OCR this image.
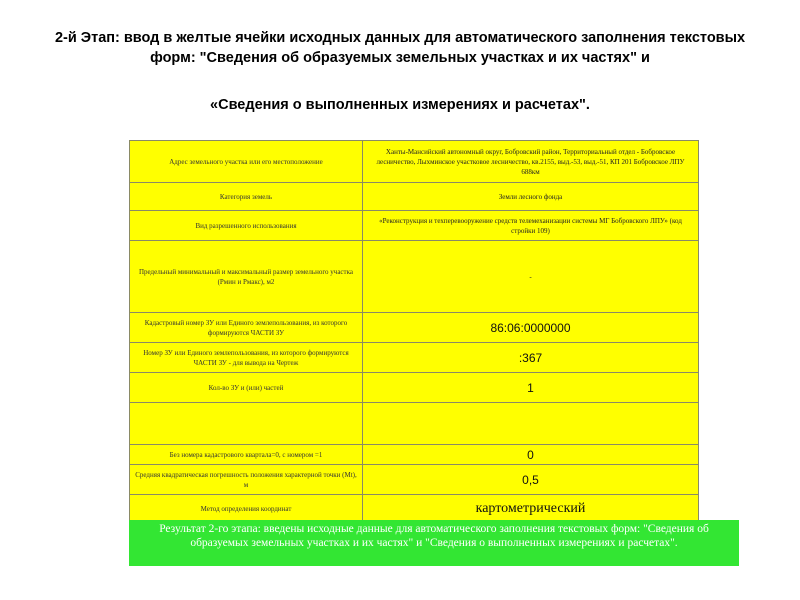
2-й Этап: ввод в желтые ячейки исходных данных для автоматического заполнения текстовых форм: "Сведения об образуемых земельных участках и их частях" и
«Сведения о выполненных измерениях и расчетах".
Адрес земельного участка или его местоположение	Ханты-Мансийский автономный округ, Бобровский район, Территориальный отдел - Бобровское лесничество, Лыхминское участковое лесничество, кв.2155, выд.-53, выд.-51, КП 201 Бобровское ЛПУ 688км
Категория земель	Земли лесного фонда
Вид разрешенного использования	«Реконструкция и техперевооружение средств телемеханизации системы МГ Бобровского ЛПУ» (код стройки 109)
Предельный минимальный и максимальный размер земельного участка (Рмин и Рмакс), м2	-
Кадастровый номер ЗУ или Единого землепользования, из которого формируются ЧАСТИ ЗУ	86:06:0000000
Номер ЗУ или Единого землепользования, из которого формируются ЧАСТИ ЗУ - для вывода на Чертеж	:367
Кол-во ЗУ и (или) частей	1

Без номера кадастрового квартала=0, с номером =1	0
Средняя квадратическая погрешность положения характерной точки (Mt), м	0,5
Метод определения координат	картометрический
Результат 2-го этапа: введены исходные данные для автоматического заполнения текстовых форм: "Сведения об образуемых земельных участках и их частях" и "Сведения о выполненных измерениях и расчетах".
